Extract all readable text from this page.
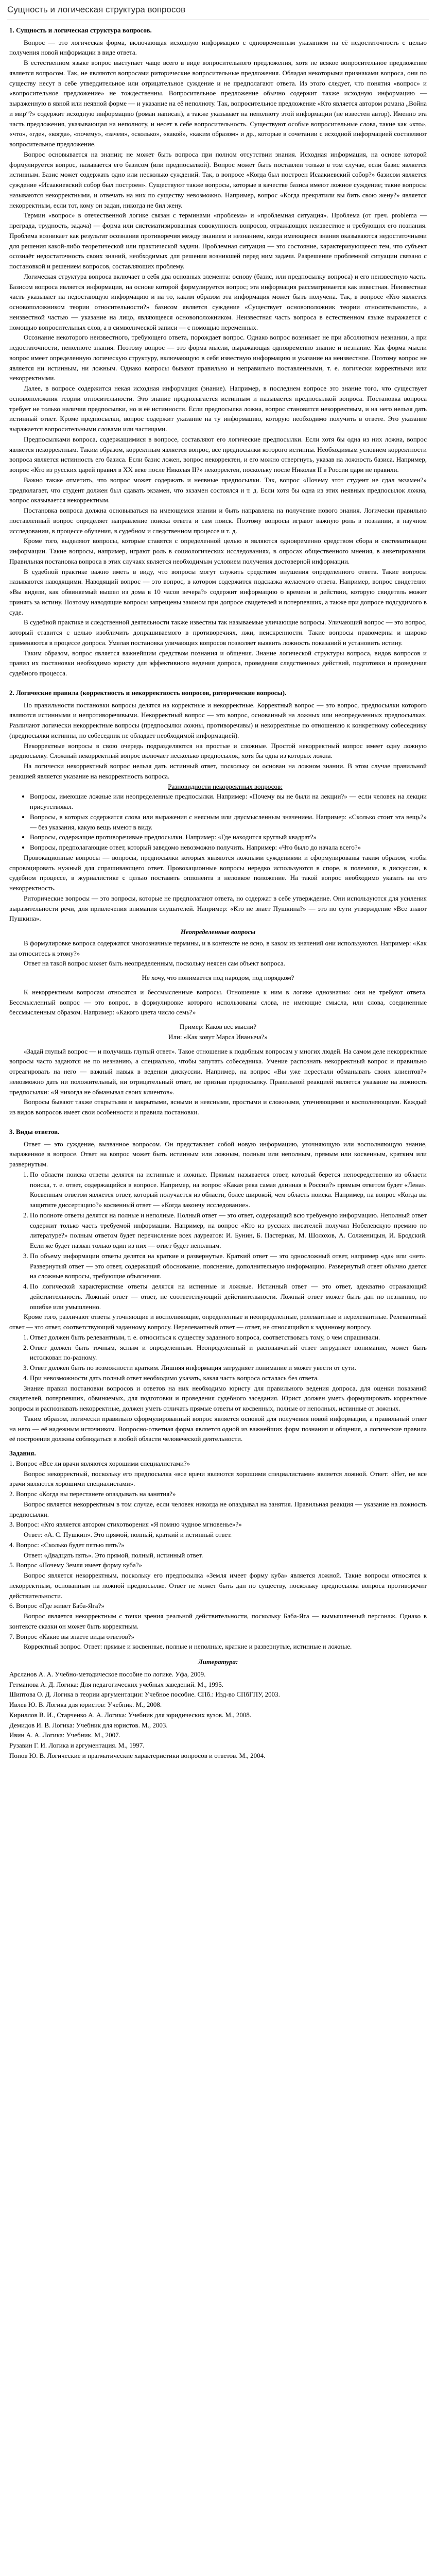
Сущность и логическая структура вопросов
1. Сущность и логическая структура вопросов.

Вопрос — это логическая форма, включающая исходную информацию с одновременным указанием на её недостаточность с целью получения новой информации в виде ответа.

В естественном языке вопрос выступает чаще всего в виде вопросительного предложения, хотя не всякое вопросительное предложение является вопросом. Так, не являются вопросами риторические вопросительные предложения. Обладая некоторыми признаками вопроса, они по существу несут в себе утвердительное или отрицательное суждение и не предполагают ответа. Из этого следует, что понятия «вопрос» и «вопросительное предложение» не тождественны. Вопросительное предложение обычно содержит также исходную информацию — выраженную в явной или неявной форме — и указание на её неполноту. Так, вопросительное предложение «Кто является автором романа „Война и мир“?» содержит исходную информацию (роман написан), а также указывает на неполноту этой информации (не известен автор). Именно эта часть предложения, указывающая на неполноту, и несет в себе вопросительность. Существуют особые вопросительные слова, такие как «кто», «что», «где», «когда», «почему», «зачем», «сколько», «какой», «каким образом» и др., которые в сочетании с исходной информацией составляют вопросительное предложение.

Вопрос основывается на знании; не может быть вопроса при полном отсутствии знания. Исходная информация, на основе которой формулируется вопрос, называется его базисом (или предпосылкой). Вопрос может быть поставлен только в том случае, если базис является истинным. Базис может содержать одно или несколько суждений. Так, в вопросе «Когда был построен Исаакиевский собор?» базисом является суждение «Исаакиевский собор был построен». Существуют также вопросы, которые в качестве базиса имеют ложное суждение; такие вопросы называются некорректными, и отвечать на них по существу невозможно. Например, вопрос «Когда прекратили вы бить свою жену?» является некорректным, если тот, кому он задан, никогда не бил жену.

Термин «вопрос» в отечественной логике связан с терминами «проблема» и «проблемная ситуация». Проблема (от греч. problema — преграда, трудность, задача) — форма или систематизированная совокупность вопросов, отражающих неизвестное и требующих его познания. Проблема возникает как результат осознания противоречия между знанием и незнанием, когда имеющиеся знания оказываются недостаточными для решения какой-либо теоретической или практической задачи. Проблемная ситуация — это состояние, характеризующееся тем, что субъект осознаёт недостаточность своих знаний, необходимых для решения возникшей перед ним задачи. Разрешение проблемной ситуации связано с постановкой и решением вопросов, составляющих проблему.

Логическая структура вопроса включает в себя два основных элемента: основу (базис, или предпосылку вопроса) и его неизвестную часть. Базисом вопроса является информация, на основе которой формулируется вопрос; эта информация рассматривается как известная. Неизвестная часть указывает на недостающую информацию и на то, каким образом эта информация может быть получена. Так, в вопросе «Кто является основоположником теории относительности?» базисом является суждение «Существует основоположник теории относительности», а неизвестной частью — указание на лицо, являющееся основоположником. Неизвестная часть вопроса в естественном языке выражается с помощью вопросительных слов, а в символической записи — с помощью переменных.

Осознание некоторого неизвестного, требующего ответа, порождает вопрос. Однако вопрос возникает не при абсолютном незнании, а при недостаточности, неполноте знания. Поэтому вопрос — это форма мысли, выражающая одновременно знание и незнание. Как форма мысли вопрос имеет определенную логическую структуру, включающую в себя известную информацию и указание на неизвестное. Поэтому вопрос не является ни истинным, ни ложным. Однако вопросы бывают правильно и неправильно поставленными, т. е. логически корректными или некорректными.

Далее, в вопросе содержится некая исходная информация (знание). Например, в последнем вопросе это знание того, что существует основоположник теории относительности. Это знание предполагается истинным и называется предпосылкой вопроса. Постановка вопроса требует не только наличия предпосылки, но и её истинности. Если предпосылка ложна, вопрос становится некорректным, и на него нельзя дать истинный ответ. Кроме предпосылки, вопрос содержит указание на ту информацию, которую необходимо получить в ответе. Это указание выражается вопросительными словами или частицами.

Предпосылками вопроса, содержащимися в вопросе, составляют его логические предпосылки. Если хотя бы одна из них ложна, вопрос является некорректным. Таким образом, корректным является вопрос, все предпосылки которого истинны. Необходимым условием корректности вопроса является истинность его базиса. Если базис ложен, вопрос некорректен, и его можно отвергнуть, указав на ложность базиса. Например, вопрос «Кто из русских царей правил в XX веке после Николая II?» некорректен, поскольку после Николая II в России цари не правили.

Важно также отметить, что вопрос может содержать и неявные предпосылки. Так, вопрос «Почему этот студент не сдал экзамен?» предполагает, что студент должен был сдавать экзамен, что экзамен состоялся и т. д. Если хотя бы одна из этих неявных предпосылок ложна, вопрос оказывается некорректным.

Постановка вопроса должна основываться на имеющемся знании и быть направлена на получение нового знания. Логически правильно поставленный вопрос определяет направление поиска ответа и сам поиск. Поэтому вопросы играют важную роль в познании, в научном исследовании, в процессе обучения, в судебном и следственном процессе и т. д.

Кроме того, выделяют вопросы, которые ставятся с определенной целью и являются одновременно средством сбора и систематизации информации. Такие вопросы, например, играют роль в социологических исследованиях, в опросах общественного мнения, в анкетировании. Правильная постановка вопроса в этих случаях является необходимым условием получения достоверной информации.

В судебной практике важно иметь в виду, что вопросы могут служить средством внушения определенного ответа. Такие вопросы называются наводящими. Наводящий вопрос — это вопрос, в котором содержится подсказка желаемого ответа. Например, вопрос свидетелю: «Вы видели, как обвиняемый вышел из дома в 10 часов вечера?» содержит информацию о времени и действии, которую свидетель может принять за истину. Поэтому наводящие вопросы запрещены законом при допросе свидетелей и потерпевших, а также при допросе подсудимого в суде.

В судебной практике и следственной деятельности также известны так называемые уличающие вопросы. Уличающий вопрос — это вопрос, который ставится с целью изобличить допрашиваемого в противоречиях, лжи, неискренности. Такие вопросы правомерны и широко применяются в процессе допроса. Умелая постановка уличающих вопросов позволяет выявить ложность показаний и установить истину.

Таким образом, вопрос является важнейшим средством познания и общения. Знание логической структуры вопроса, видов вопросов и правил их постановки необходимо юристу для эффективного ведения допроса, проведения следственных действий, подготовки и проведения судебного процесса.

2. Логические правила (корректность и некорректность вопросов, риторические вопросы).

По правильности постановки вопросы делятся на корректные и некорректные. Корректный вопрос — это вопрос, предпосылки которого являются истинными и непротиворечивыми. Некорректный вопрос — это вопрос, основанный на ложных или неопределенных предпосылках. Различают логически некорректные вопросы (предпосылки ложны, противоречивы) и некорректные по отношению к конкретному собеседнику (предпосылки истинны, но собеседник не обладает необходимой информацией).

Некорректные вопросы в свою очередь подразделяются на простые и сложные. Простой некорректный вопрос имеет одну ложную предпосылку. Сложный некорректный вопрос включает несколько предпосылок, хотя бы одна из которых ложна.

На логически некорректный вопрос нельзя дать истинный ответ, поскольку он основан на ложном знании. В этом случае правильной реакцией является указание на некорректность вопроса.

Разновидности некорректных вопросов:

• Вопросы, имеющие ложные или неопределенные предпосылки. Например: «Почему вы не были на лекции?» — если человек на лекции присутствовал.
• Вопросы, в которых содержатся слова или выражения с неясным или двусмысленным значением. Например: «Сколько стоит эта вещь?» — без указания, какую вещь имеют в виду.
• Вопросы, содержащие противоречивые предпосылки. Например: «Где находится круглый квадрат?»
• Вопросы, предполагающие ответ, который заведомо невозможно получить. Например: «Что было до начала всего?»

Провокационные вопросы — вопросы, предпосылки которых являются ложными суждениями и сформулированы таким образом, чтобы спровоцировать нужный для спрашивающего ответ. Провокационные вопросы нередко используются в споре, в полемике, в дискуссии, в судебном процессе, в журналистике с целью поставить оппонента в неловкое положение. На такой вопрос необходимо указать на его некорректность.

Риторические вопросы — это вопросы, которые не предполагают ответа, но содержат в себе утверждение. Они используются для усиления выразительности речи, для привлечения внимания слушателей. Например: «Кто не знает Пушкина?» — это по сути утверждение «Все знают Пушкина».

Неопределенные вопросы

В формулировке вопроса содержатся многозначные термины, и в контексте не ясно, в каком из значений они используются. Например: «Как вы относитесь к этому?»

Ответ на такой вопрос может быть неопределенным, поскольку неясен сам объект вопроса.

Не хочу, что понимается под народом, под порядком?

К некорректным вопросам относятся и бессмысленные вопросы. Отношение к ним в логике однозначно: они не требуют ответа. Бессмысленный вопрос — это вопрос, в формулировке которого использованы слова, не имеющие смысла, или слова, соединенные бессмысленным образом. Например: «Какого цвета число семь?»

Пример: Каков вес мысли?

Или: «Как зовут Марса Иваныча?»

«Задай глупый вопрос — и получишь глупый ответ». Такое отношение к подобным вопросам у многих людей. На самом деле некорректные вопросы часто задаются не по незнанию, а специально, чтобы запутать собеседника. Умение распознать некорректный вопрос и правильно отреагировать на него — важный навык в ведении дискуссии. Например, на вопрос «Вы уже перестали обманывать своих клиентов?» невозможно дать ни положительный, ни отрицательный ответ, не признав предпосылку. Правильной реакцией является указание на ложность предпосылки: «Я никогда не обманывал своих клиентов».

Вопросы бывают также открытыми и закрытыми, ясными и неясными, простыми и сложными, уточняющими и восполняющими. Каждый из видов вопросов имеет свои особенности и правила постановки.

3. Виды ответов.

Ответ — это суждение, вызванное вопросом. Он представляет собой новую информацию, уточняющую или восполняющую знание, выраженное в вопросе. Ответ на вопрос может быть истинным или ложным, полным или неполным, прямым или косвенным, кратким или развернутым.

1. По области поиска ответы делятся на истинные и ложные. Прямым называется ответ, который берется непосредственно из области поиска, т. е. ответ, содержащийся в вопросе. Например, на вопрос «Какая река самая длинная в России?» прямым ответом будет «Лена». Косвенным ответом является ответ, который получается из области, более широкой, чем область поиска. Например, на вопрос «Когда вы защитите диссертацию?» косвенный ответ — «Когда закончу исследование».
2. По полноте ответы делятся на полные и неполные. Полный ответ — это ответ, содержащий всю требуемую информацию. Неполный ответ содержит только часть требуемой информации. Например, на вопрос «Кто из русских писателей получил Нобелевскую премию по литературе?» полным ответом будет перечисление всех лауреатов: И. Бунин, Б. Пастернак, М. Шолохов, А. Солженицын, И. Бродский. Если же будет назван только один из них — ответ будет неполным.
3. По объему информации ответы делятся на краткие и развернутые. Краткий ответ — это односложный ответ, например «да» или «нет». Развернутый ответ — это ответ, содержащий обоснование, пояснение, дополнительную информацию. Развернутый ответ обычно дается на сложные вопросы, требующие объяснения.
4. По логической характеристике ответы делятся на истинные и ложные. Истинный ответ — это ответ, адекватно отражающий действительность. Ложный ответ — ответ, не соответствующий действительности. Ложный ответ может быть дан по незнанию, по ошибке или умышленно.

Кроме того, различают ответы уточняющие и восполняющие, определенные и неопределенные, релевантные и нерелевантные. Релевантный ответ — это ответ, соответствующий заданному вопросу. Нерелевантный ответ — ответ, не относящийся к заданному вопросу.

1. Ответ должен быть релевантным, т. е. относиться к существу заданного вопроса, соответствовать тому, о чем спрашивали.
2. Ответ должен быть точным, ясным и определенным. Неопределенный и расплывчатый ответ затрудняет понимание, может быть истолкован по-разному.
3. Ответ должен быть по возможности кратким. Лишняя информация затрудняет понимание и может увести от сути.
4. При невозможности дать полный ответ необходимо указать, какая часть вопроса осталась без ответа.

Знание правил постановки вопросов и ответов на них необходимо юристу для правильного ведения допроса, для оценки показаний свидетелей, потерпевших, обвиняемых, для подготовки и проведения судебного заседания. Юрист должен уметь формулировать корректные вопросы и распознавать некорректные, должен уметь отличать прямые ответы от косвенных, полные от неполных, истинные от ложных.

Таким образом, логически правильно сформулированный вопрос является основой для получения новой информации, а правильный ответ на него — её надежным источником. Вопросно-ответная форма является одной из важнейших форм познания и общения, а логические правила её построения должны соблюдаться в любой области человеческой деятельности.

Задания.

1. Вопрос «Все ли врачи являются хорошими специалистами?»

Вопрос некорректный, поскольку его предпосылка «все врачи являются хорошими специалистами» является ложной. Ответ: «Нет, не все врачи являются хорошими специалистами».

2. Вопрос «Когда вы перестанете опаздывать на занятия?»

Вопрос является некорректным в том случае, если человек никогда не опаздывал на занятия. Правильная реакция — указание на ложность предпосылки.

3. Вопрос: «Кто является автором стихотворения «Я помню чудное мгновенье»?»

Ответ: «А. С. Пушкин». Это прямой, полный, краткий и истинный ответ.

4. Вопрос: «Сколько будет пятью пять?»

Ответ: «Двадцать пять». Это прямой, полный, истинный ответ.

5. Вопрос «Почему Земля имеет форму куба?»

Вопрос является некорректным, поскольку его предпосылка «Земля имеет форму куба» является ложной. Такие вопросы относятся к некорректным, основанным на ложной предпосылке. Ответ не может быть дан по существу, поскольку предпосылка вопроса противоречит действительности.

6. Вопрос «Где живет Баба-Яга?»

Вопрос является некорректным с точки зрения реальной действительности, поскольку Баба-Яга — вымышленный персонаж. Однако в контексте сказки он может быть корректным.

7. Вопрос «Какие вы знаете виды ответов?»

Корректный вопрос. Ответ: прямые и косвенные, полные и неполные, краткие и развернутые, истинные и ложные.

Литература:

Арсланов А. А. Учебно-методическое пособие по логике. Уфа, 2009.

Гетманова А. Д. Логика: Для педагогических учебных заведений. М., 1995.

Шиптова О. Д. Логика в теории аргументации: Учебное пособие. СПб.: Изд-во СПбГПУ, 2003.

Ивлев Ю. В. Логика для юристов: Учебник. М., 2008.

Кириллов В. И., Старченко А. А. Логика: Учебник для юридических вузов. М., 2008.

Демидов И. В. Логика: Учебник для юристов. М., 2003.

Ивин А. А. Логика: Учебник. М., 2007.

Рузавин Г. И. Логика и аргументация. М., 1997.

Попов Ю. В. Логические и прагматические характеристики вопросов и ответов. М., 2004.
